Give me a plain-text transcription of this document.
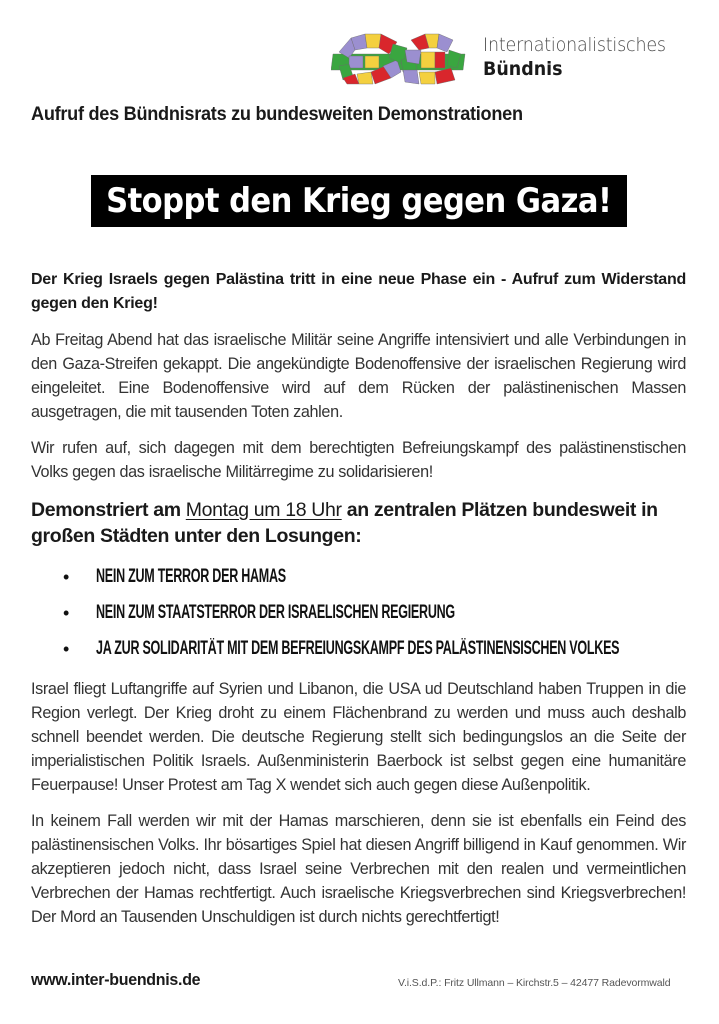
Internationalistisches
Bündnis
Aufruf des Bündnisrats zu bundesweiten Demonstrationen
Stoppt den Krieg gegen Gaza!

Der Krieg Israels gegen Palästina tritt in eine neue Phase ein - Aufruf zum Widerstand gegen den Krieg!

Ab Freitag Abend hat das israelische Militär seine Angriffe intensiviert und alle Verbindungen in den Gaza-Streifen gekappt. Die angekündigte Bodenoffensive der israelischen Regierung wird eingeleitet. Eine Bodenoffensive wird auf dem Rücken der palästinenischen Massen ausgetragen, die mit tausenden Toten zahlen.

Wir rufen auf, sich dagegen mit dem berechtigten Befreiungskampf des palästinenstischen Volks gegen das israelische Militärregime zu solidarisieren!

Demonstriert am Montag um 18 Uhr an zentralen Plätzen bundesweit in großen Städten unter den Losungen:

• NEIN ZUM TERROR DER HAMAS
• NEIN ZUM STAATSTERROR DER ISRAELISCHEN REGIERUNG
• JA ZUR SOLIDARITÄT MIT DEM BEFREIUNGSKAMPF DES PALÄSTINENSISCHEN VOLKES

Israel fliegt Luftangriffe auf Syrien und Libanon, die USA ud Deutschland haben Truppen in die Region verlegt. Der Krieg droht zu einem Flächenbrand zu werden und muss auch deshalb schnell beendet werden. Die deutsche Regierung stellt sich bedingungslos an die Seite der imperialistischen Politik Israels. Außenministerin Baerbock ist selbst gegen eine humanitäre Feuerpause! Unser Protest am Tag X wendet sich auch gegen diese Außenpolitik.

In keinem Fall werden wir mit der Hamas marschieren, denn sie ist ebenfalls ein Feind des palästinensischen Volks. Ihr bösartiges Spiel hat diesen Angriff billigend in Kauf genommen. Wir akzeptieren jedoch nicht, dass Israel seine Verbrechen mit den realen und vermeintlichen Verbrechen der Hamas rechtfertigt. Auch israelische Kriegsverbrechen sind Kriegsverbrechen! Der Mord an Tausenden Unschuldigen ist durch nichts gerechtfertigt!

www.inter-buendnis.de	V.i.S.d.P.: Fritz Ullmann – Kirchstr.5 – 42477 Radevormwald
